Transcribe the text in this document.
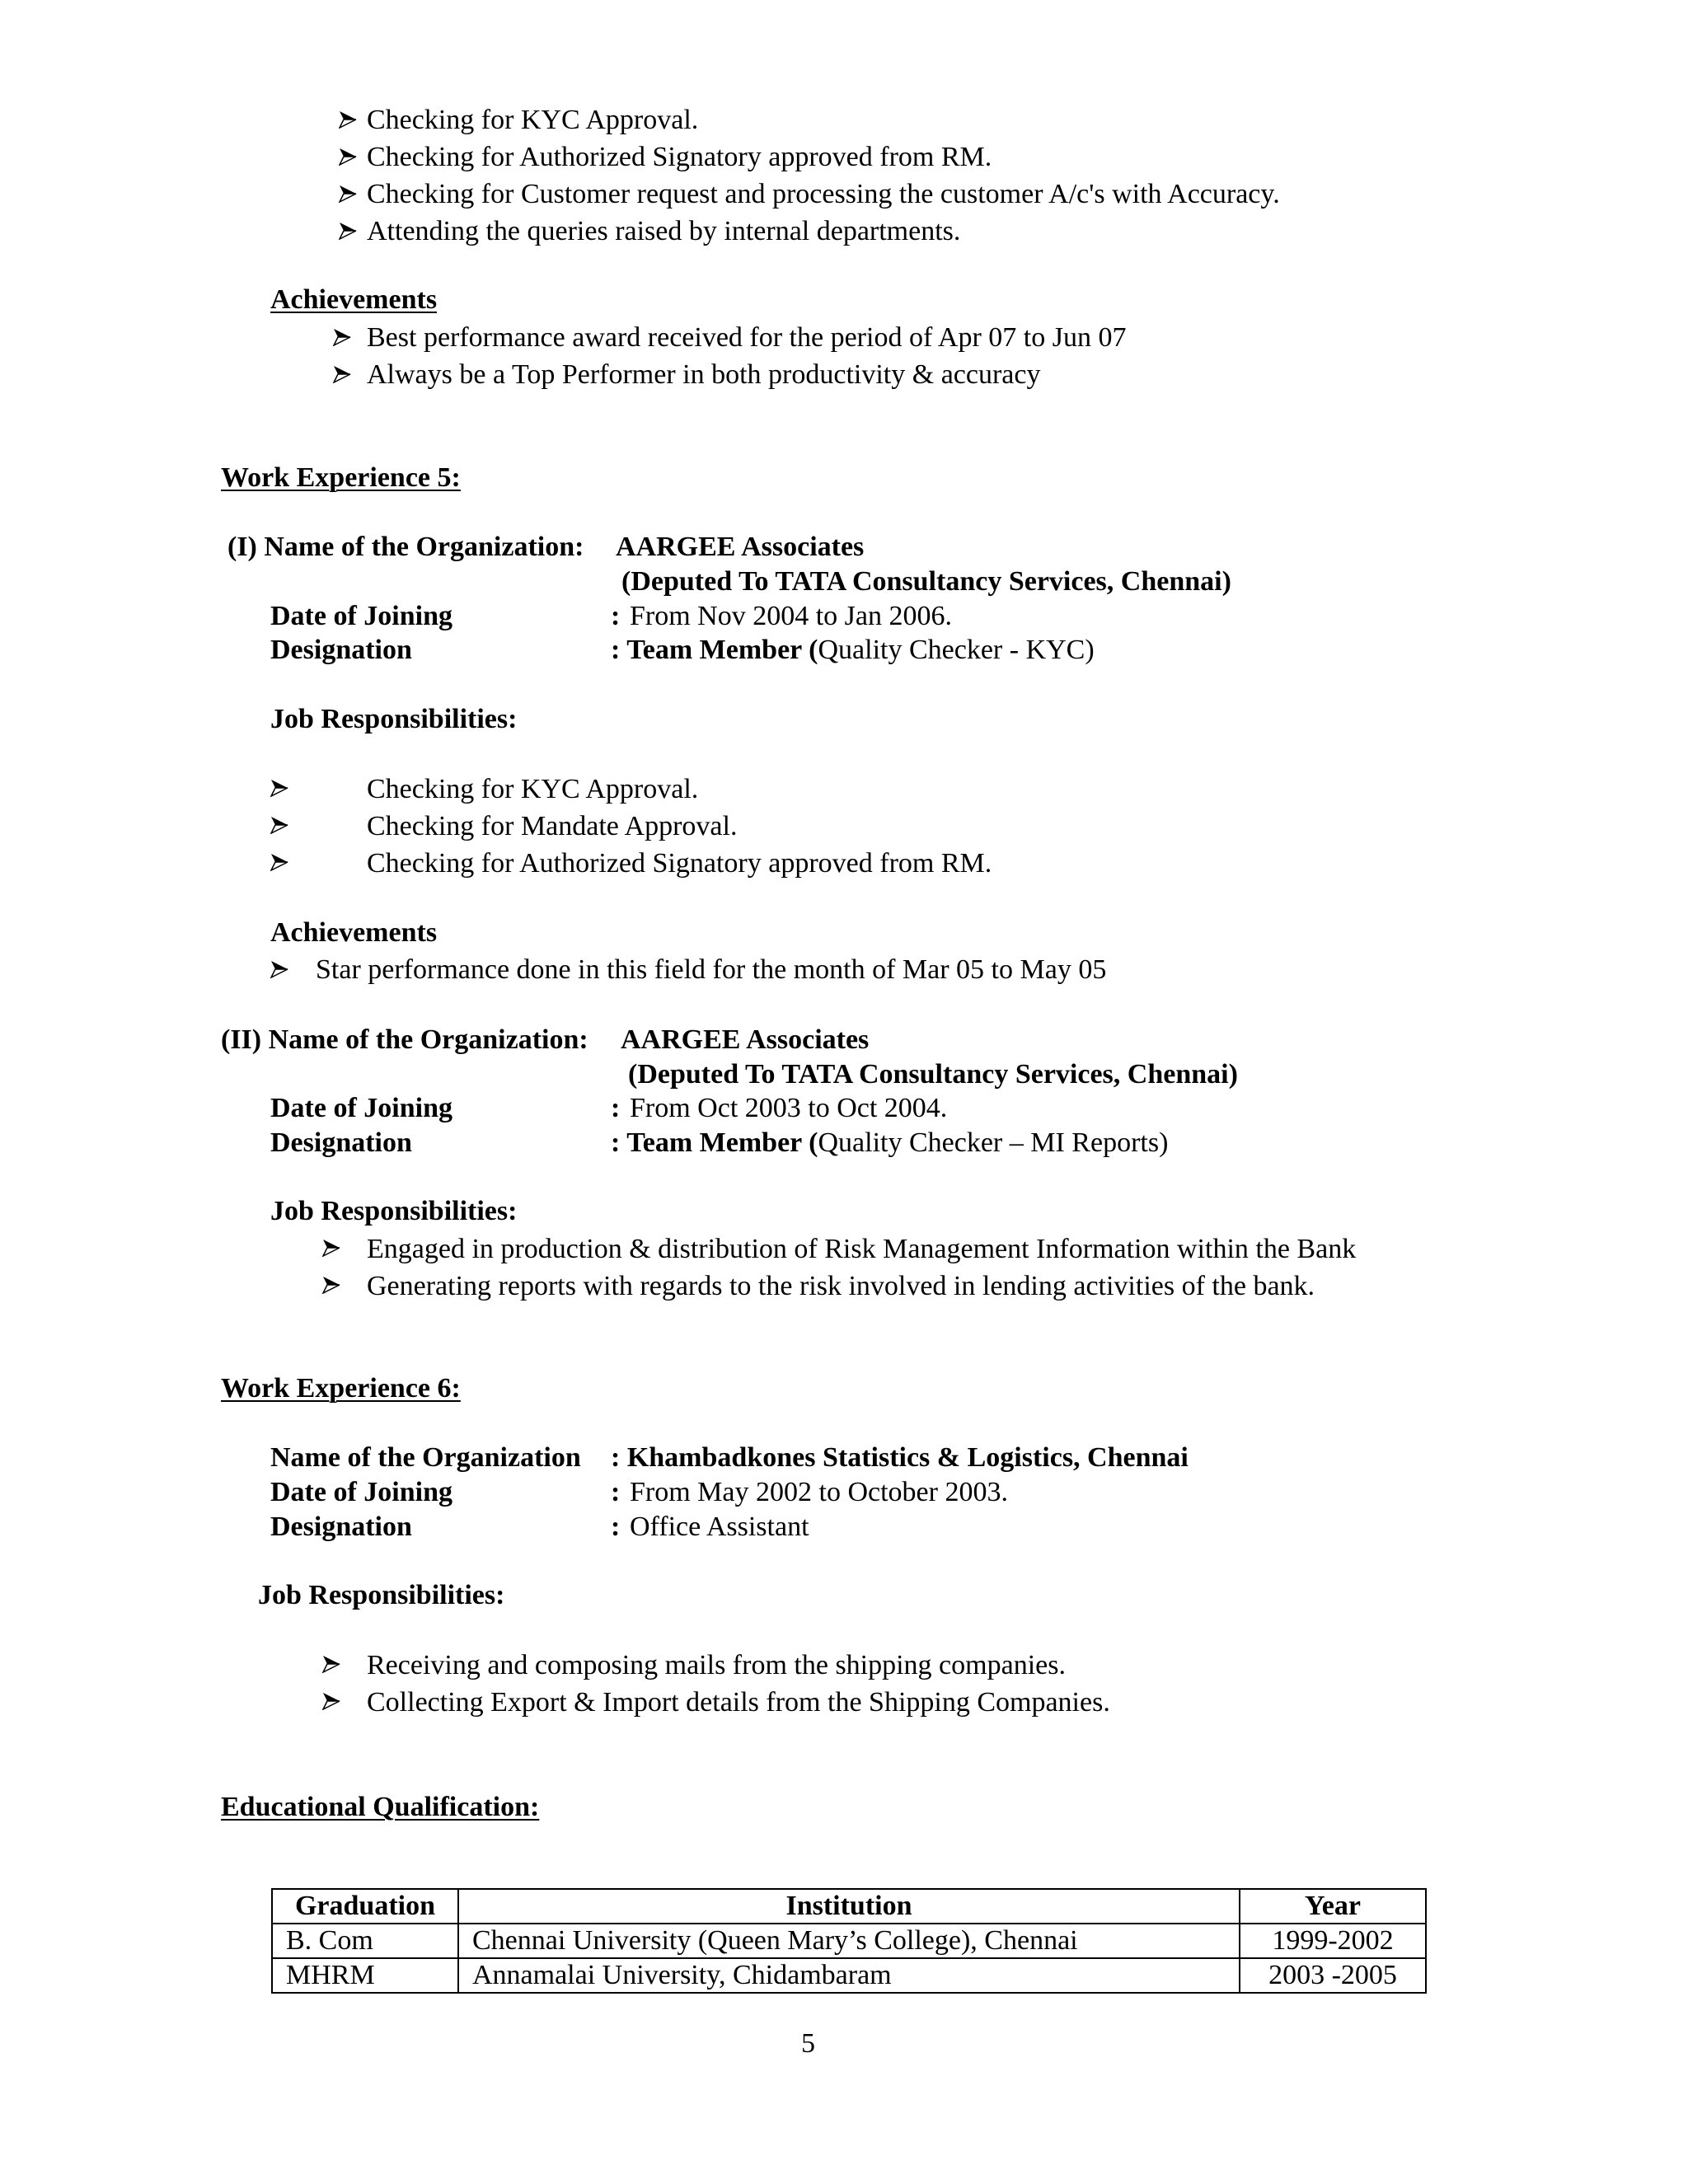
Checking for KYC Approval.
Checking for Authorized Signatory approved from RM.
Checking for Customer request and processing the customer A/c's with Accuracy.
Attending the queries raised by internal departments.
Achievements
Best performance award received for the period of Apr 07 to Jun 07
Always be a Top Performer in both productivity & accuracy
Work Experience 5:
(I) Name of the Organization: AARGEE Associates
(Deputed To TATA Consultancy Services, Chennai)
Date of Joining	: From Nov 2004 to Jan 2006.
Designation	: Team Member (Quality Checker - KYC)
Job Responsibilities:
Checking for KYC Approval.
Checking for Mandate Approval.
Checking for Authorized Signatory approved from RM.
Achievements
Star performance done in this field for the month of Mar 05 to May 05
(II) Name of the Organization: AARGEE Associates
(Deputed To TATA Consultancy Services, Chennai)
Date of Joining	: From Oct 2003 to Oct 2004.
Designation	: Team Member (Quality Checker – MI Reports)
Job Responsibilities:
Engaged in production & distribution of Risk Management Information within the Bank
Generating reports with regards to the risk involved in lending activities of the bank.
Work Experience 6:
Name of the Organization : Khambadkones Statistics & Logistics, Chennai
Date of Joining	: From May 2002 to October 2003.
Designation	: Office Assistant
Job Responsibilities:
Receiving and composing mails from the shipping companies.
Collecting Export & Import details from the Shipping Companies.
Educational Qualification:
Graduation	Institution	Year
B. Com	Chennai University (Queen Mary’s College), Chennai	1999-2002
MHRM	Annamalai University, Chidambaram	2003 -2005
5
